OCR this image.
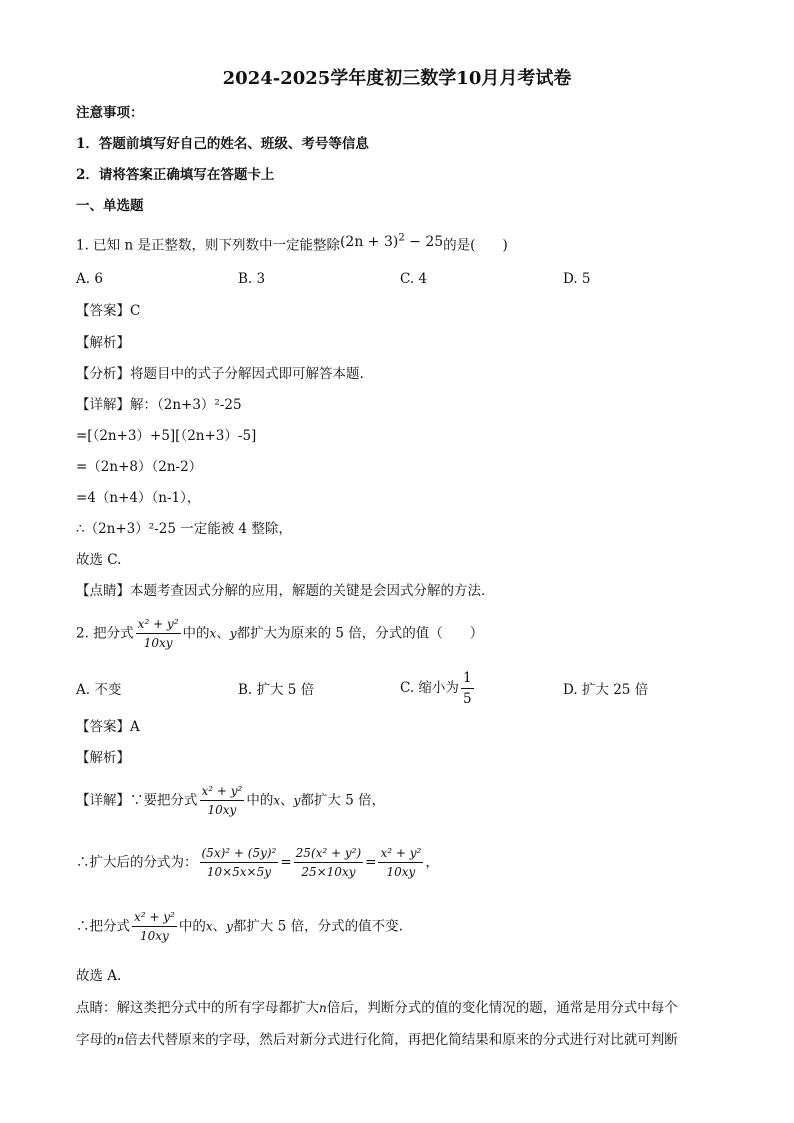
2024-2025学年度初三数学10月月考试卷
注意事项：
1．答题前填写好自己的姓名、班级、考号等信息
2．请将答案正确填写在答题卡上
一、单选题
1. 已知 n 是正整数，则下列数中一定能整除$(2n + 3)^2 - 25$的是(　　)
A. 6	B. 3	C. 4	D. 5
【答案】C
【解析】
【分析】将题目中的式子分解因式即可解答本题.
【详解】解：（2n+3）²-25
=[（2n+3）+5][（2n+3）-5]
=（2n+8）（2n-2）
=4（n+4）（n-1），
∴（2n+3）²-25 一定能被 4 整除，
故选 C.
【点睛】本题考查因式分解的应用，解题的关键是会因式分解的方法．
2. 把分式 $\frac{\text{x² + y²}}{10xy}$ 中的x、y都扩大为原来的 5 倍，分式的值（　　）
A. 不变	B. 扩大 5 倍	C. 缩小为 $\frac{1}{5}$	D. 扩大 25 倍
【答案】A
【解析】
【详解】∵要把分式 $\frac{\text{x² + y²}}{10xy}$ 中的x、y都扩大 5 倍，
∴扩大后的分式为： $\frac{\text{(5x)² + (5y)²}}{10\times 5x\times 5y} = \frac{\text{25(x² + y²)}}{25\times 10xy} = \frac{\text{x² + y²}}{10xy}$ ，
∴把分式 $\frac{\text{x² + y²}}{10xy}$ 中的x、y都扩大 5 倍，分式的值不变.
故选 A.
点睛：解这类把分式中的所有字母都扩大n倍后，判断分式的值的变化情况的题，通常是用分式中每个
字母的n倍去代替原来的字母，然后对新分式进行化简，再把化简结果和原来的分式进行对比就可判断
